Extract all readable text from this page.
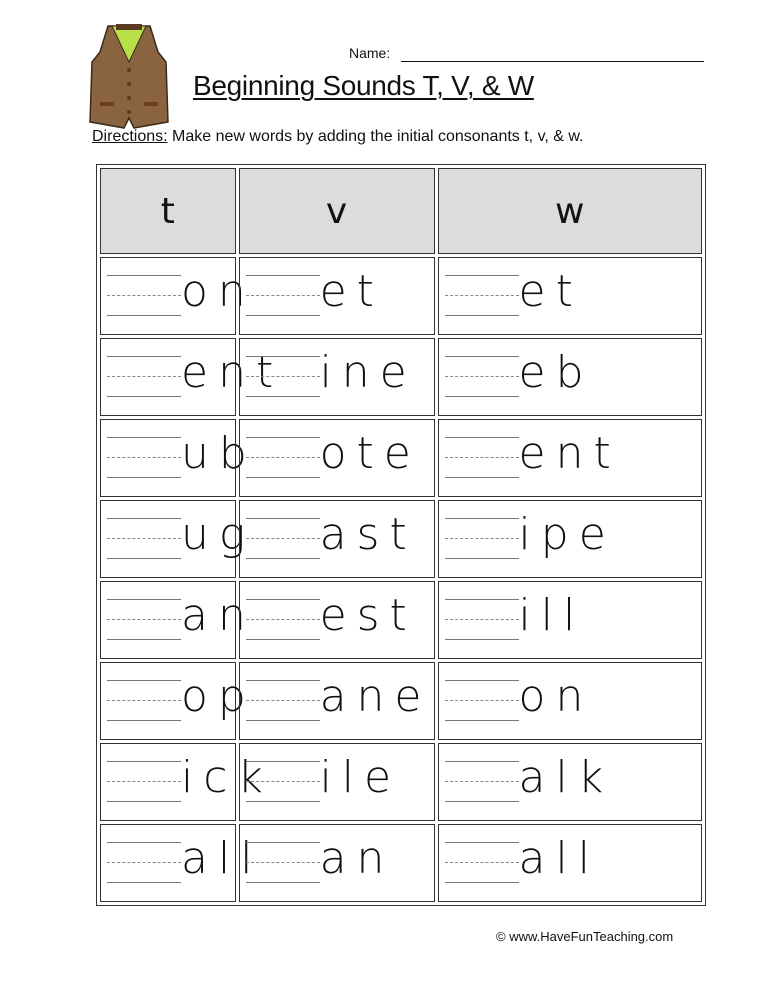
Name:
Beginning Sounds T, V, & W
Directions: Make new words by adding the initial consonants t, v, & w.
t	v	w

on	et	et

ent	ine	eb

ub	ote	ent

ug	ast	ipe

an	est	ill

op	ane	on

ick	ile	alk

all	an	all
© www.HaveFunTeaching.com
